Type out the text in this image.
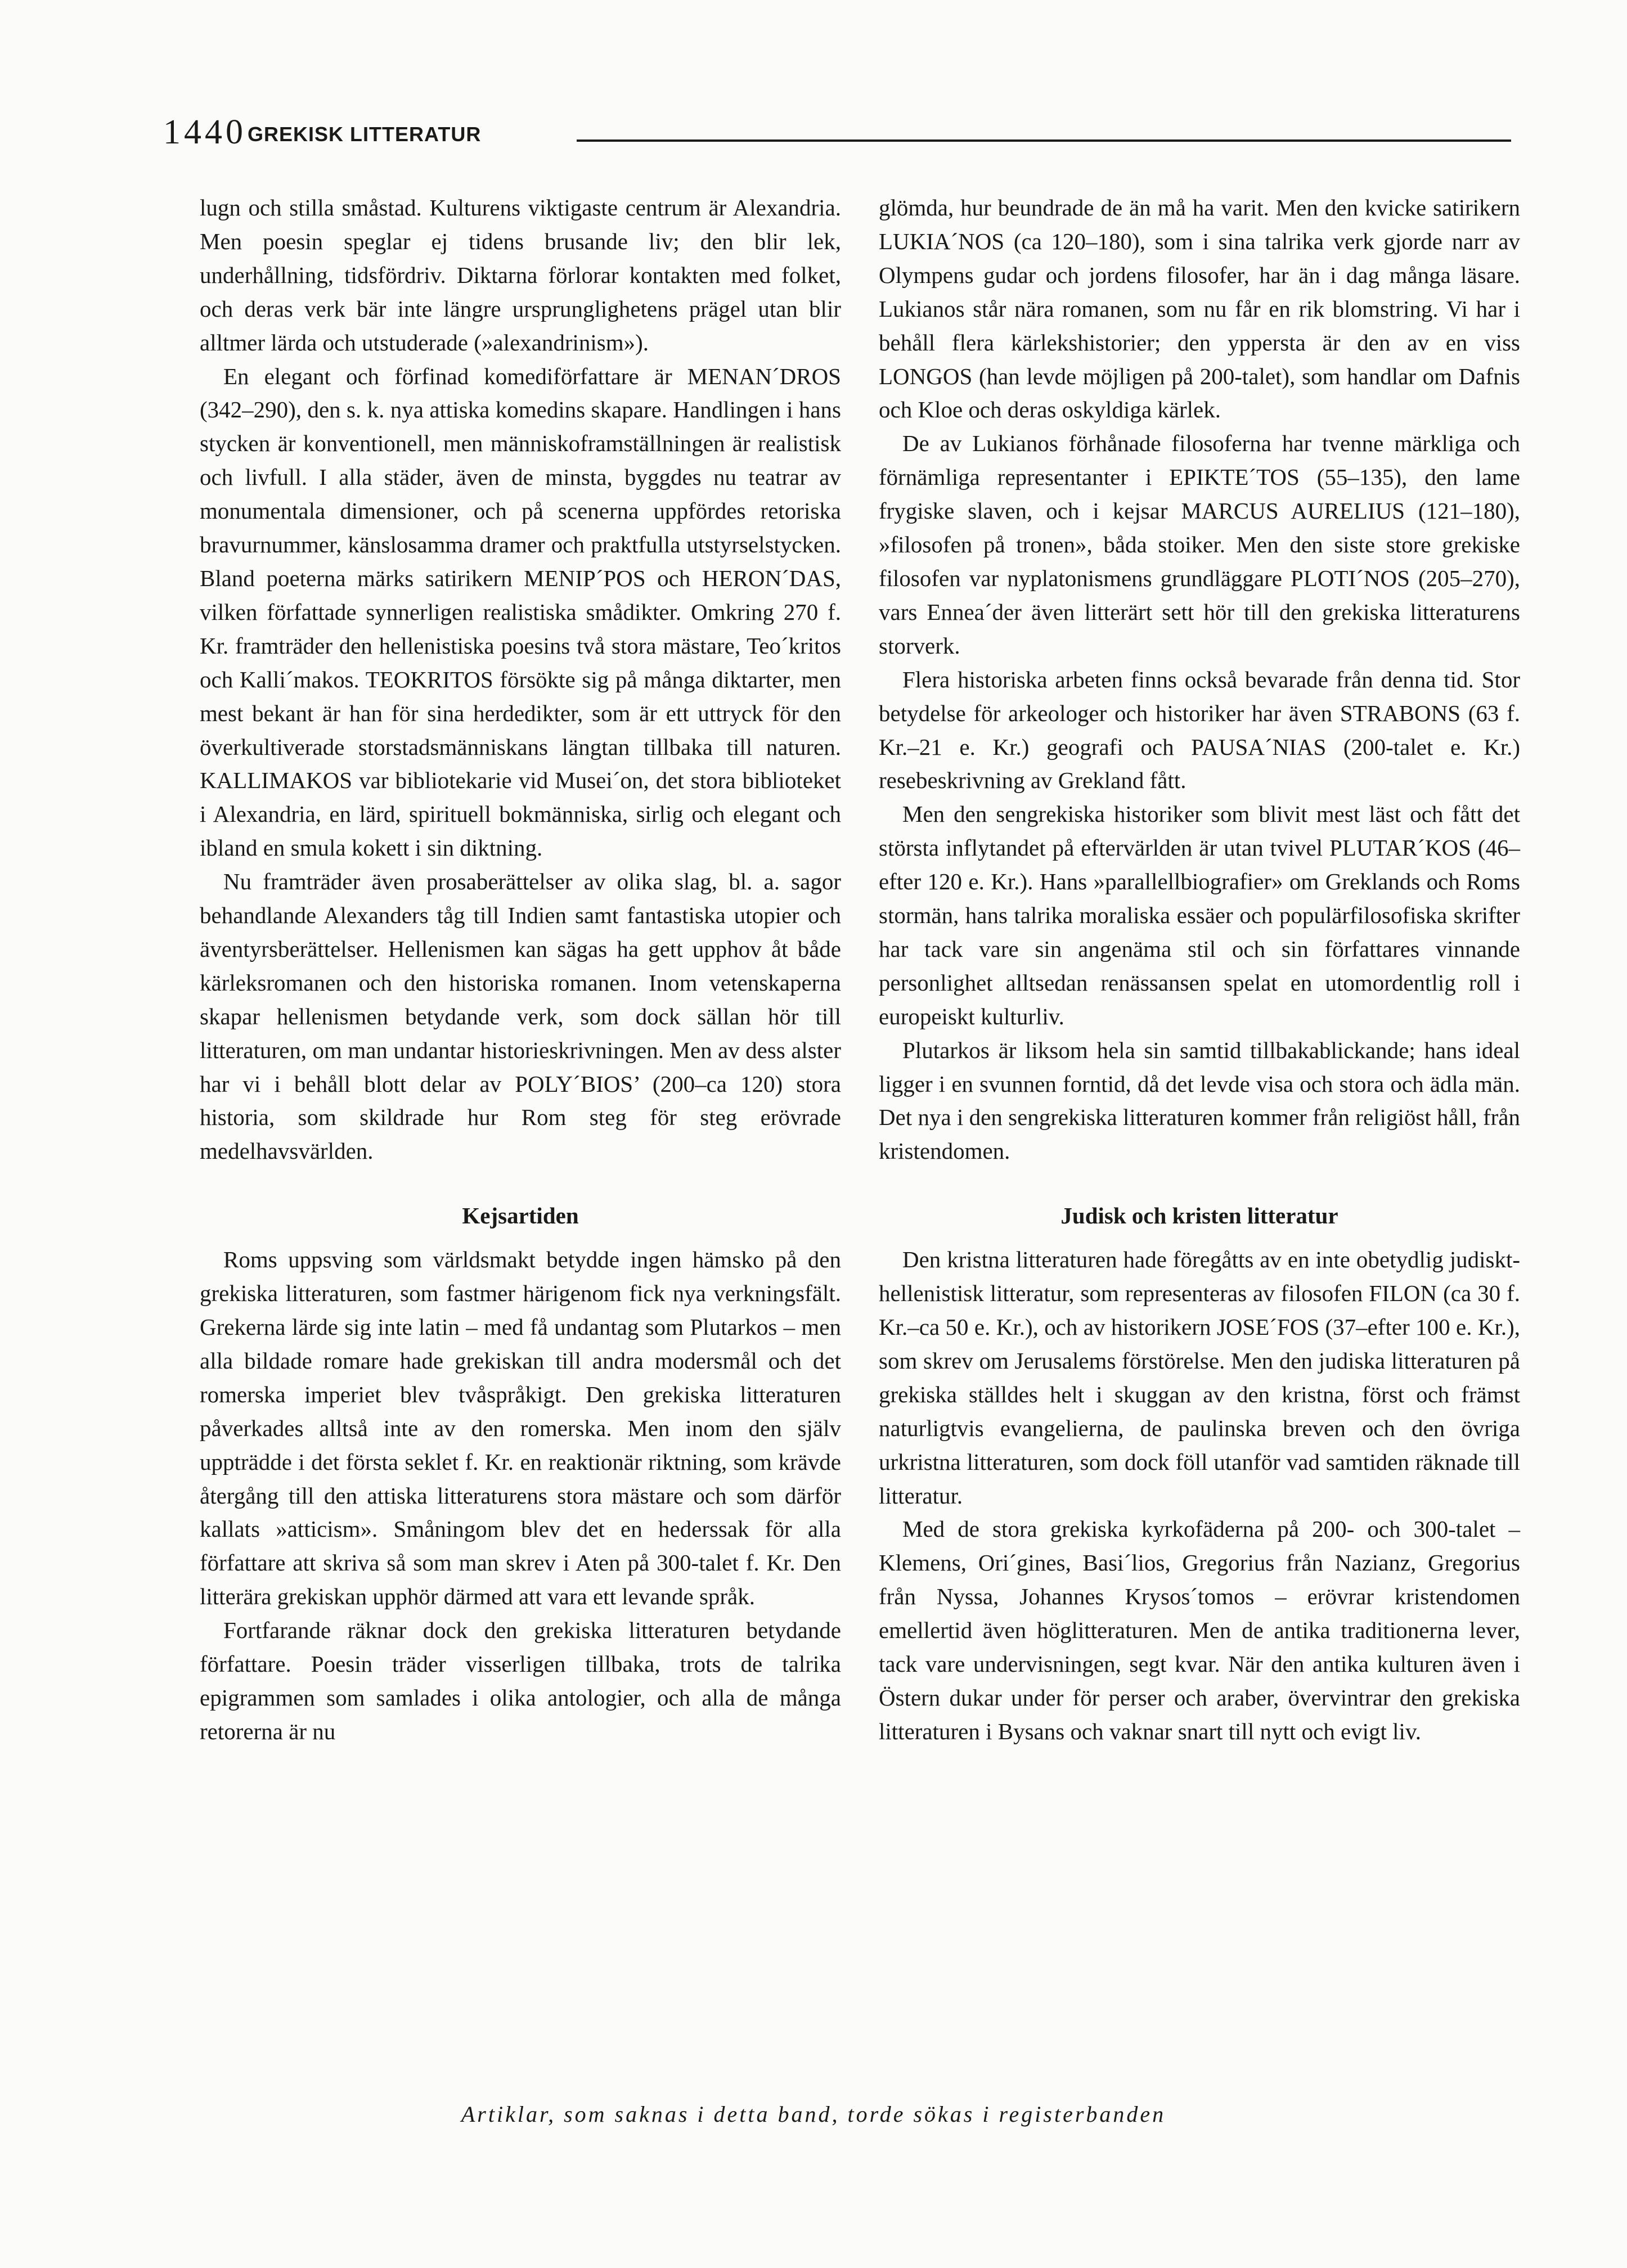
1440 GREKISK LITTERATUR

lugn och stilla småstad. Kulturens viktigaste centrum är Alexandria. Men poesin speglar ej tidens brusande liv; den blir lek, underhållning, tidsfördriv. Diktarna förlorar kontakten med folket, och deras verk bär inte längre ursprunglighetens prägel utan blir alltmer lärda och utstuderade (»alexandrinism»).

En elegant och förfinad komediförfattare är MENAN´DROS (342–290), den s. k. nya attiska komedins skapare. Handlingen i hans stycken är konventionell, men människoframställningen är realistisk och livfull. I alla städer, även de minsta, byggdes nu teatrar av monumentala dimensioner, och på scenerna uppfördes retoriska bravurnummer, känslosamma dramer och praktfulla utstyrselstycken. Bland poeterna märks satirikern MENIP´POS och HERON´DAS, vilken författade synnerligen realistiska smådikter. Omkring 270 f. Kr. framträder den hellenistiska poesins två stora mästare, Teo´kritos och Kalli´makos. TEOKRITOS försökte sig på många diktarter, men mest bekant är han för sina herdedikter, som är ett uttryck för den överkultiverade storstadsmänniskans längtan tillbaka till naturen. KALLIMAKOS var bibliotekarie vid Musei´on, det stora biblioteket i Alexandria, en lärd, spirituell bokmänniska, sirlig och elegant och ibland en smula kokett i sin diktning.

Nu framträder även prosaberättelser av olika slag, bl. a. sagor behandlande Alexanders tåg till Indien samt fantastiska utopier och äventyrsberättelser. Hellenismen kan sägas ha gett upphov åt både kärleksromanen och den historiska romanen. Inom vetenskaperna skapar hellenismen betydande verk, som dock sällan hör till litteraturen, om man undantar historieskrivningen. Men av dess alster har vi i behåll blott delar av POLY´BIOS’ (200–ca 120) stora historia, som skildrade hur Rom steg för steg erövrade medelhavsvärlden.

Kejsartiden

Roms uppsving som världsmakt betydde ingen hämsko på den grekiska litteraturen, som fastmer härigenom fick nya verkningsfält. Grekerna lärde sig inte latin – med få undantag som Plutarkos – men alla bildade romare hade grekiskan till andra modersmål och det romerska imperiet blev tvåspråkigt. Den grekiska litteraturen påverkades alltså inte av den romerska. Men inom den själv uppträdde i det första seklet f. Kr. en reaktionär riktning, som krävde återgång till den attiska litteraturens stora mästare och som därför kallats »atticism». Småningom blev det en hederssak för alla författare att skriva så som man skrev i Aten på 300-talet f. Kr. Den litterära grekiskan upphör därmed att vara ett levande språk.

Fortfarande räknar dock den grekiska litteraturen betydande författare. Poesin träder visserligen tillbaka, trots de talrika epigrammen som samlades i olika antologier, och alla de många retorerna är nu

glömda, hur beundrade de än må ha varit. Men den kvicke satirikern LUKIA´NOS (ca 120–180), som i sina talrika verk gjorde narr av Olympens gudar och jordens filosofer, har än i dag många läsare. Lukianos står nära romanen, som nu får en rik blomstring. Vi har i behåll flera kärlekshistorier; den yppersta är den av en viss LONGOS (han levde möjligen på 200-talet), som handlar om Dafnis och Kloe och deras oskyldiga kärlek.

De av Lukianos förhånade filosoferna har tvenne märkliga och förnämliga representanter i EPIKTE´TOS (55–135), den lame frygiske slaven, och i kejsar MARCUS AURELIUS (121–180), »filosofen på tronen», båda stoiker. Men den siste store grekiske filosofen var nyplatonismens grundläggare PLOTI´NOS (205–270), vars Ennea´der även litterärt sett hör till den grekiska litteraturens storverk.

Flera historiska arbeten finns också bevarade från denna tid. Stor betydelse för arkeologer och historiker har även STRABONS (63 f. Kr.–21 e. Kr.) geografi och PAUSA´NIAS (200-talet e. Kr.) resebeskrivning av Grekland fått.

Men den sengrekiska historiker som blivit mest läst och fått det största inflytandet på eftervärlden är utan tvivel PLUTAR´KOS (46–efter 120 e. Kr.). Hans »parallellbiografier» om Greklands och Roms stormän, hans talrika moraliska essäer och populärfilosofiska skrifter har tack vare sin angenäma stil och sin författares vinnande personlighet alltsedan renässansen spelat en utomordentlig roll i europeiskt kulturliv.

Plutarkos är liksom hela sin samtid tillbakablickande; hans ideal ligger i en svunnen forntid, då det levde visa och stora och ädla män. Det nya i den sengrekiska litteraturen kommer från religiöst håll, från kristendomen.

Judisk och kristen litteratur

Den kristna litteraturen hade föregåtts av en inte obetydlig judiskt-hellenistisk litteratur, som representeras av filosofen FILON (ca 30 f. Kr.–ca 50 e. Kr.), och av historikern JOSE´FOS (37–efter 100 e. Kr.), som skrev om Jerusalems förstörelse. Men den judiska litteraturen på grekiska ställdes helt i skuggan av den kristna, först och främst naturligtvis evangelierna, de paulinska breven och den övriga urkristna litteraturen, som dock föll utanför vad samtiden räknade till litteratur.

Med de stora grekiska kyrkofäderna på 200- och 300-talet – Klemens, Ori´gines, Basi´lios, Gregorius från Nazianz, Gregorius från Nyssa, Johannes Krysos´tomos – erövrar kristendomen emellertid även höglitteraturen. Men de antika traditionerna lever, tack vare undervisningen, segt kvar. När den antika kulturen även i Östern dukar under för perser och araber, övervintrar den grekiska litteraturen i Bysans och vaknar snart till nytt och evigt liv.

Artiklar, som saknas i detta band, torde sökas i registerbanden
